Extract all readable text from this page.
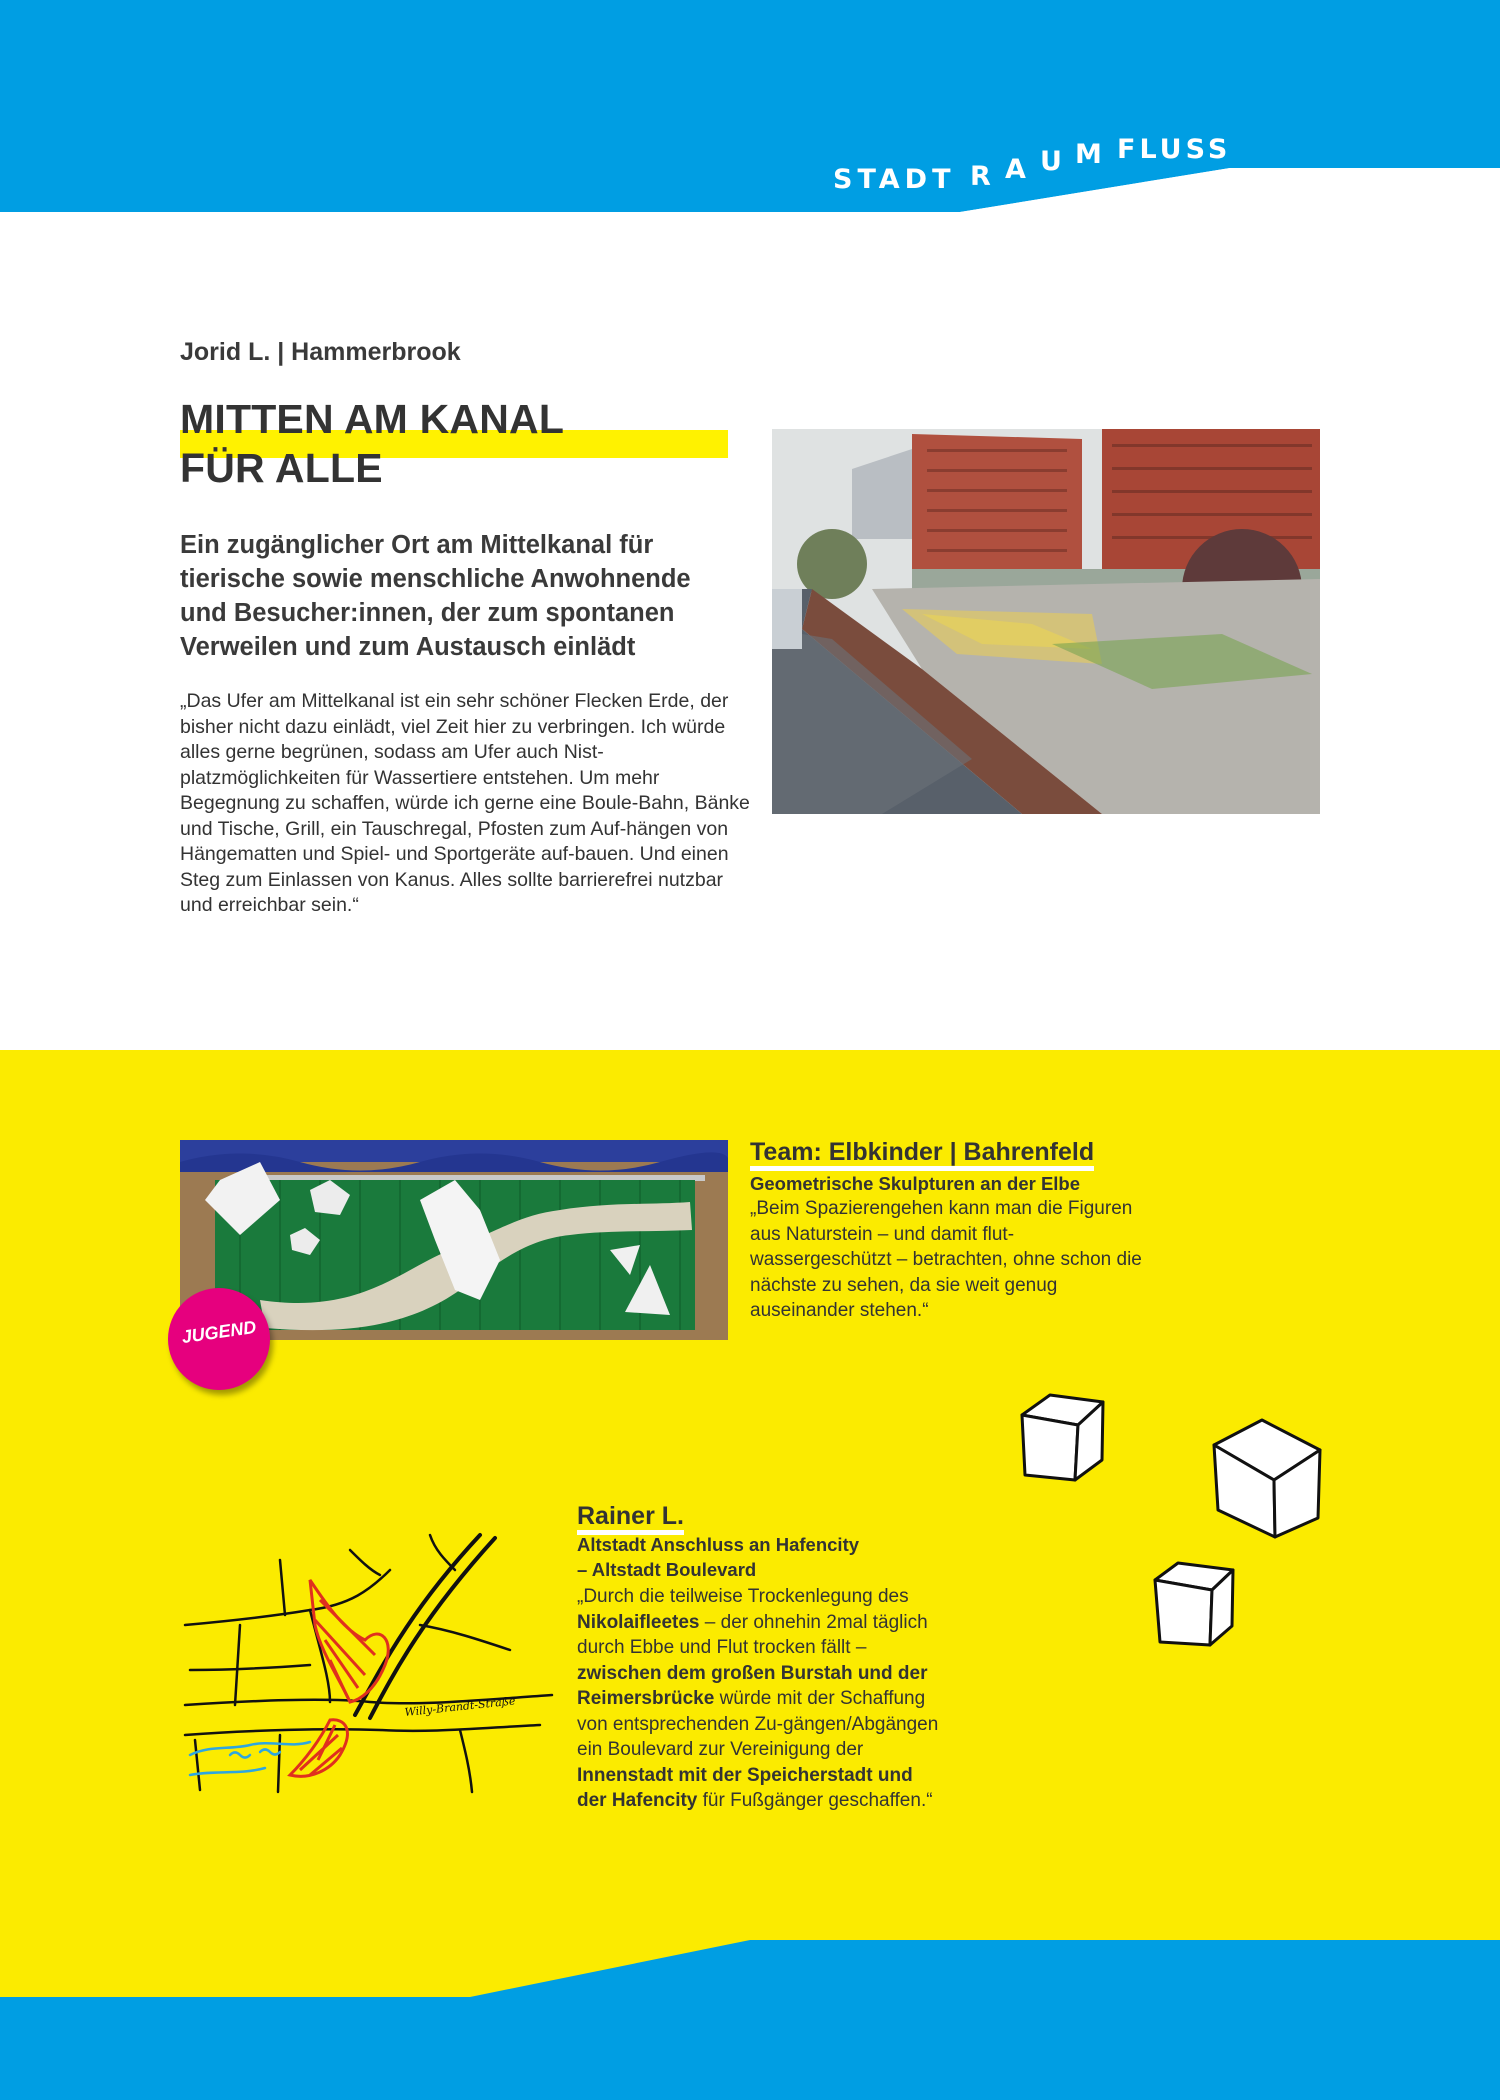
STADT R A U M FLUSS
Jorid L. | Hammerbrook
MITTEN AM KANAL
FÜR ALLE

Ein zugänglicher Ort am Mittelkanal für tierische sowie menschliche Anwohnende und Besucher:innen, der zum spontanen Verweilen und zum Austausch einlädt

„Das Ufer am Mittelkanal ist ein sehr schöner Flecken Erde, der bisher nicht dazu einlädt, viel Zeit hier zu verbringen. Ich würde alles gerne begrünen, sodass am Ufer auch Nist-platzmöglichkeiten für Wassertiere entstehen. Um mehr Begegnung zu schaffen, würde ich gerne eine Boule-Bahn, Bänke und Tische, Grill, ein Tauschregal, Pfosten zum Auf-hängen von Hängematten und Spiel- und Sportgeräte auf-bauen. Und einen Steg zum Einlassen von Kanus. Alles sollte barrierefrei nutzbar und erreichbar sein.“

JUGEND
Team: Elbkinder | Bahrenfeld
Geometrische Skulpturen an der Elbe

„Beim Spazierengehen kann man die Figuren aus Naturstein – und damit flut-wassergeschützt – betrachten, ohne schon die nächste zu sehen, da sie weit genug auseinander stehen.“

Willy-Brandt-Straße
Rainer L.

Altstadt Anschluss an Hafencity
– Altstadt Boulevard

„Durch die teilweise Trockenlegung des Nikolaifleetes – der ohnehin 2mal täglich durch Ebbe und Flut trocken fällt – zwischen dem großen Burstah und der Reimersbrücke würde mit der Schaffung von entsprechenden Zu-gängen/Abgängen ein Boulevard zur Vereinigung der Innenstadt mit der Speicherstadt und der Hafencity für Fußgänger geschaffen.“
